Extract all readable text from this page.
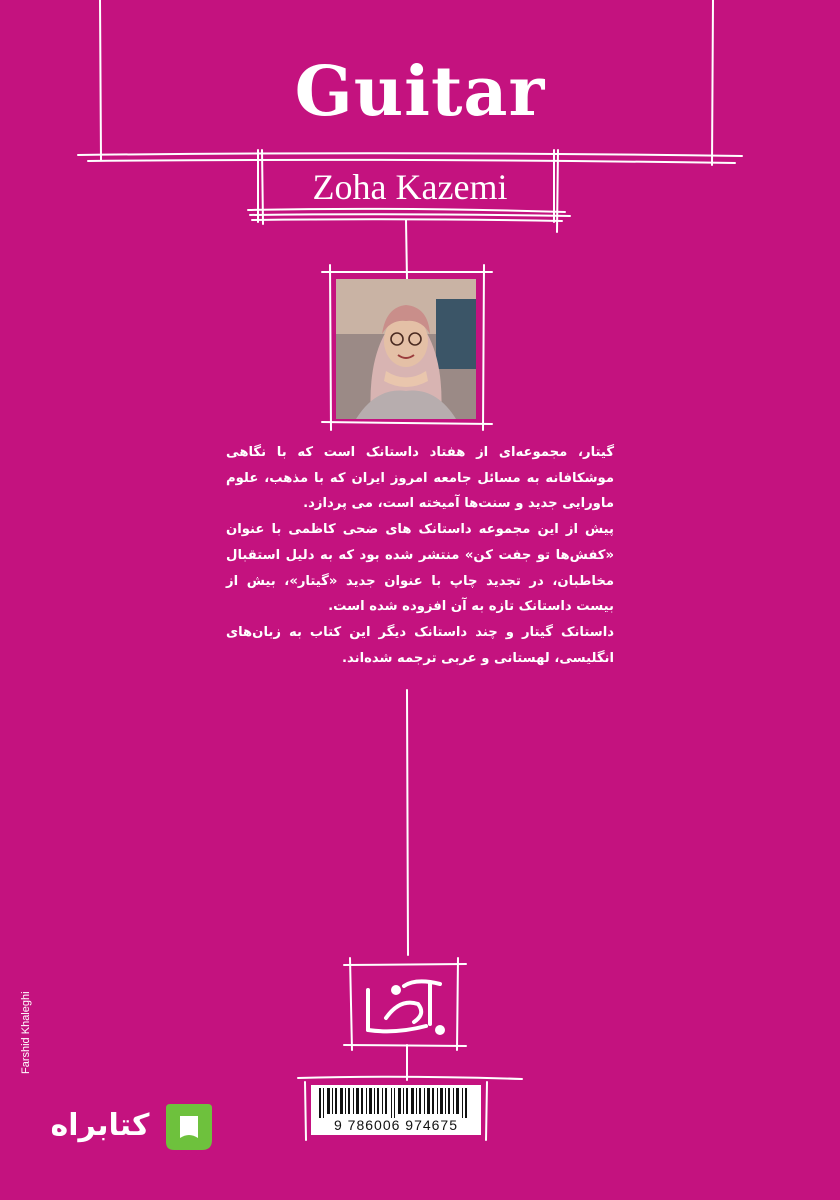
Guitar
Zoha Kazemi

گیتار، مجموعه‌ای از هفتاد داستانک است که با نگاهی موشکافانه به مسائل جامعه امروز ایران که با مذهب، علوم ماورایی جدید و سنت‌ها آمیخته است، می پردازد.

پیش از این مجموعه داستانک های ضحی کاظمی با عنوان «کفش‌ها تو جفت کن» منتشر شده بود که به دلیل استقبال مخاطبان، در تجدید چاپ با عنوان جدید «گیتار»، بیش از بیست داستانک تازه به آن افزوده شده است.

داستانک گیتار و چند داستانک دیگر این کتاب به زبان‌های انگلیسی، لهستانی و عربی ترجمه شده‌اند.

Farshid Khaleghi
9 786006 974675
کتابراه
